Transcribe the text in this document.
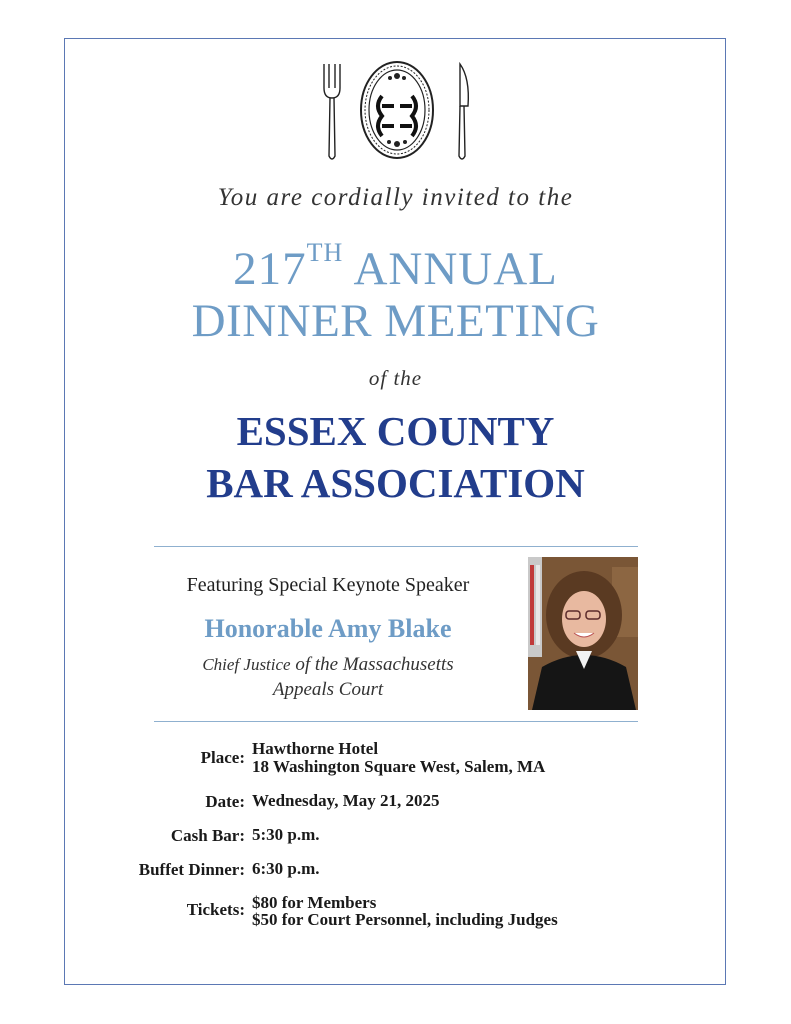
You are cordially invited to the
217TH ANNUAL
DINNER MEETING
of the
ESSEX COUNTY
BAR ASSOCIATION
Featuring Special Keynote Speaker
Honorable Amy Blake
Chief Justice of the Massachusetts
Appeals Court
Place: Hawthorne Hotel
18 Washington Square West, Salem, MA
Date: Wednesday, May 21, 2025
Cash Bar: 5:30 p.m.
Buffet Dinner: 6:30 p.m.
Tickets: $80 for Members
$50 for Court Personnel, including Judges
